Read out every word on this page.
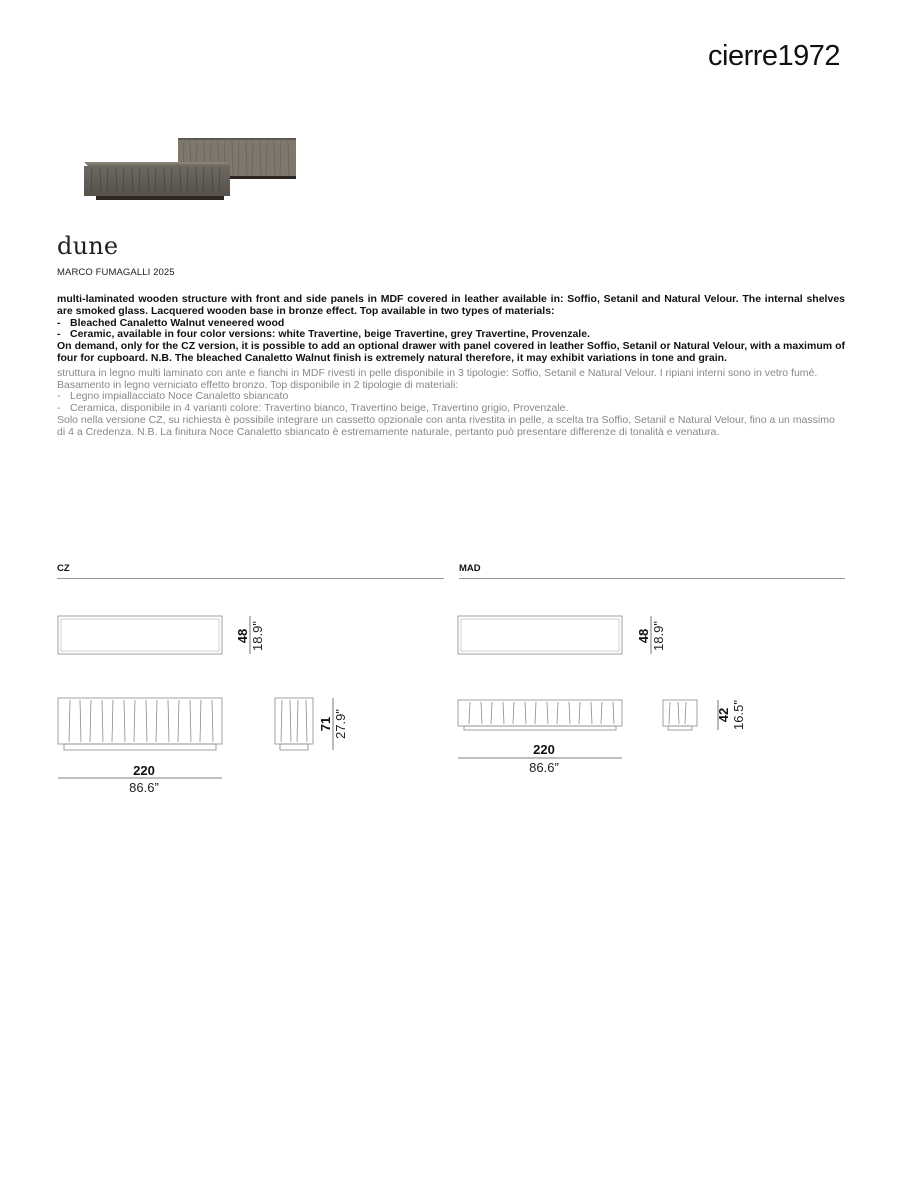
cierre1972
dune
MARCO FUMAGALLI 2025

multi-laminated wooden structure with front and side panels in MDF covered in leather available in: Soffio, Setanil and Natural Velour. The internal shelves are smoked glass. Lacquered wooden base in bronze effect. Top available in two types of materials:

- Bleached Canaletto Walnut veneered wood
- Ceramic, available in four color versions: white Travertine, beige Travertine, grey Travertine, Provenzale.

On demand, only for the CZ version, it is possible to add an optional drawer with panel covered in leather Soffio, Setanil or Natural Velour, with a maximum of four for cupboard. N.B. The bleached Canaletto Walnut finish is extremely natural therefore, it may exhibit variations in tone and grain.

struttura in legno multi laminato con ante e fianchi in MDF rivesti in pelle disponibile in 3 tipologie: Soffio, Setanil e Natural Velour. I ripiani interni sono in vetro fumé. Basamento in legno verniciato effetto bronzo. Top disponibile in 2 tipologie di materiali:

- Legno impiallacciato Noce Canaletto sbiancato
- Ceramica, disponibile in 4 varianti colore: Travertino bianco, Travertino beige, Travertino grigio, Provenzale.

Solo nella versione CZ, su richiesta è possibile integrare un cassetto opzionale con anta rivestita in pelle, a scelta tra Soffio, Setanil e Natural Velour, fino a un massimo di 4 a Credenza. N.B. La finitura Noce Canaletto sbiancato è estremamente naturale, pertanto può presentare differenze di tonalità e venatura.

CZ	MAD
48 18.9"
71 27.9"
220
86.6”
48 18.9"
42 16.5"
220
86.6”
